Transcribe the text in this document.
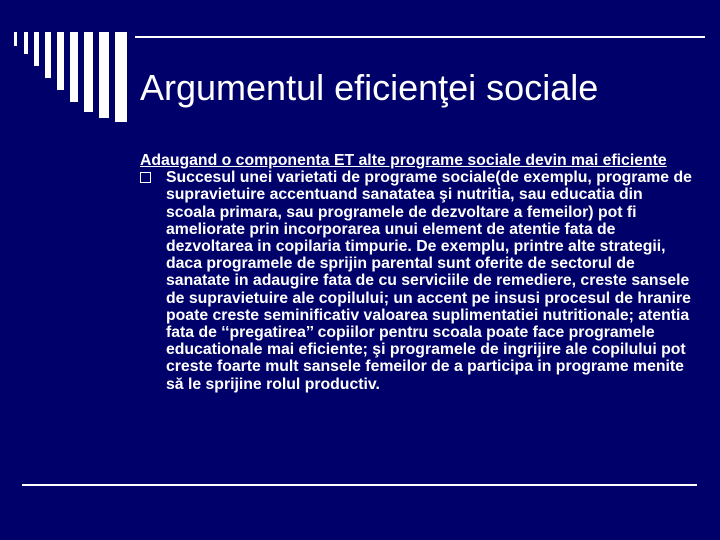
Argumentul eficienţei sociale
Adaugand o componenta ET alte programe sociale devin mai eficiente
Succesul unei varietati de programe sociale(de exemplu, programe de supravietuire accentuand sanatatea şi nutritia, sau educatia din scoala primara, sau programele de dezvoltare a femeilor) pot fi ameliorate prin incorporarea unui element de atentie fata de dezvoltarea in copilaria timpurie. De exemplu, printre alte strategii, daca programele de sprijin parental sunt oferite de sectorul de sanatate in adaugire fata de cu serviciile de remediere, creste sansele de supravietuire ale copilului; un accent pe insusi procesul de hranire poate creste seminificativ valoarea suplimentatiei nutritionale; atentia fata de ‘‘pregatirea’’ copiilor pentru scoala poate face programele educationale mai eficiente; şi programele de ingrijire ale copilului pot creste foarte mult sansele femeilor de a participa in programe menite să le sprijine rolul productiv.
